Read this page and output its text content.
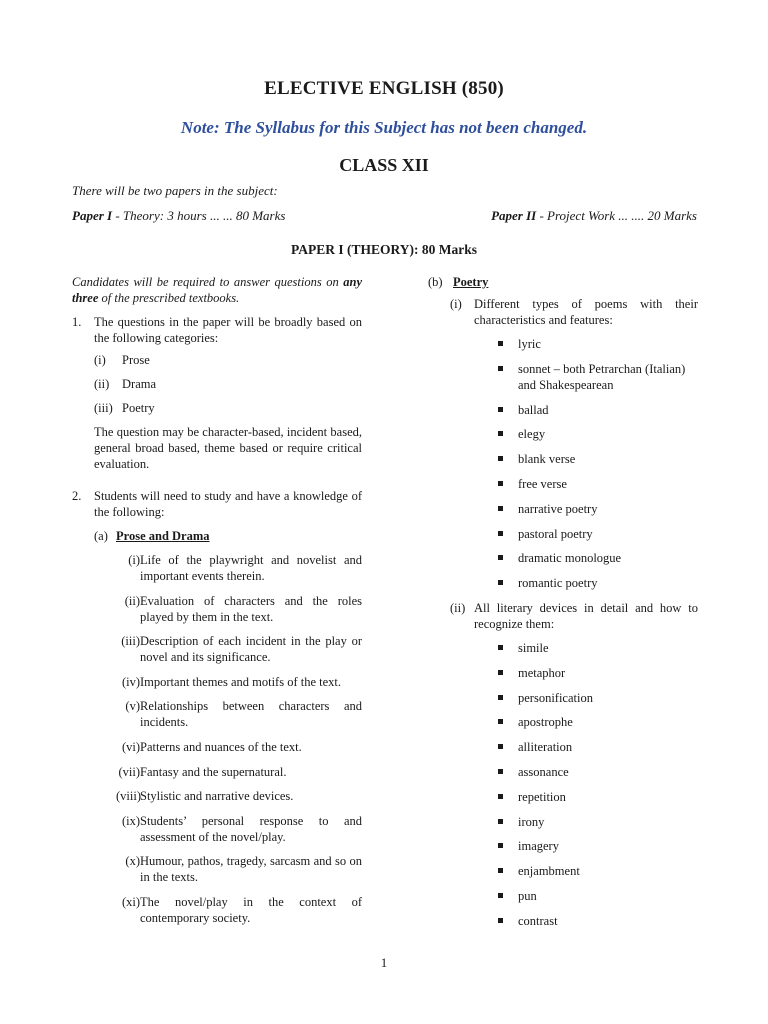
ELECTIVE ENGLISH (850)
Note: The Syllabus for this Subject has not been changed.
CLASS XII
There will be two papers in the subject:
Paper I - Theory: 3 hours ... ... 80 Marks	Paper II - Project Work ... .... 20 Marks
PAPER I (THEORY): 80 Marks

Candidates will be required to answer questions on any three of the prescribed textbooks.

1.	The questions in the paper will be broadly based on the following categories:
(i)	Prose
(ii)	Drama
(iii) Poetry
The question may be character-based, incident based, general broad based, theme based or require critical evaluation.
2.	Students will need to study and have a knowledge of the following:
(a) Prose and Drama
(i) Life of the playwright and novelist and important events therein.
(ii) Evaluation of characters and the roles played by them in the text.
(iii) Description of each incident in the play or novel and its significance.
(iv) Important themes and motifs of the text.
(v) Relationships between characters and incidents.
(vi) Patterns and nuances of the text.
(vii) Fantasy and the supernatural.
(viii) Stylistic and narrative devices.
(ix) Students’ personal response to and assessment of the novel/play.
(x) Humour, pathos, tragedy, sarcasm and so on in the texts.
(xi) The novel/play in the context of contemporary society.
(b) Poetry
(i) Different types of poems with their characteristics and features:
lyric
sonnet – both Petrarchan (Italian) and Shakespearean
ballad
elegy
blank verse
free verse
narrative poetry
pastoral poetry
dramatic monologue
romantic poetry
(ii) All literary devices in detail and how to recognize them:
simile
metaphor
personification
apostrophe
alliteration
assonance
repetition
irony
imagery
enjambment
pun
contrast
1
